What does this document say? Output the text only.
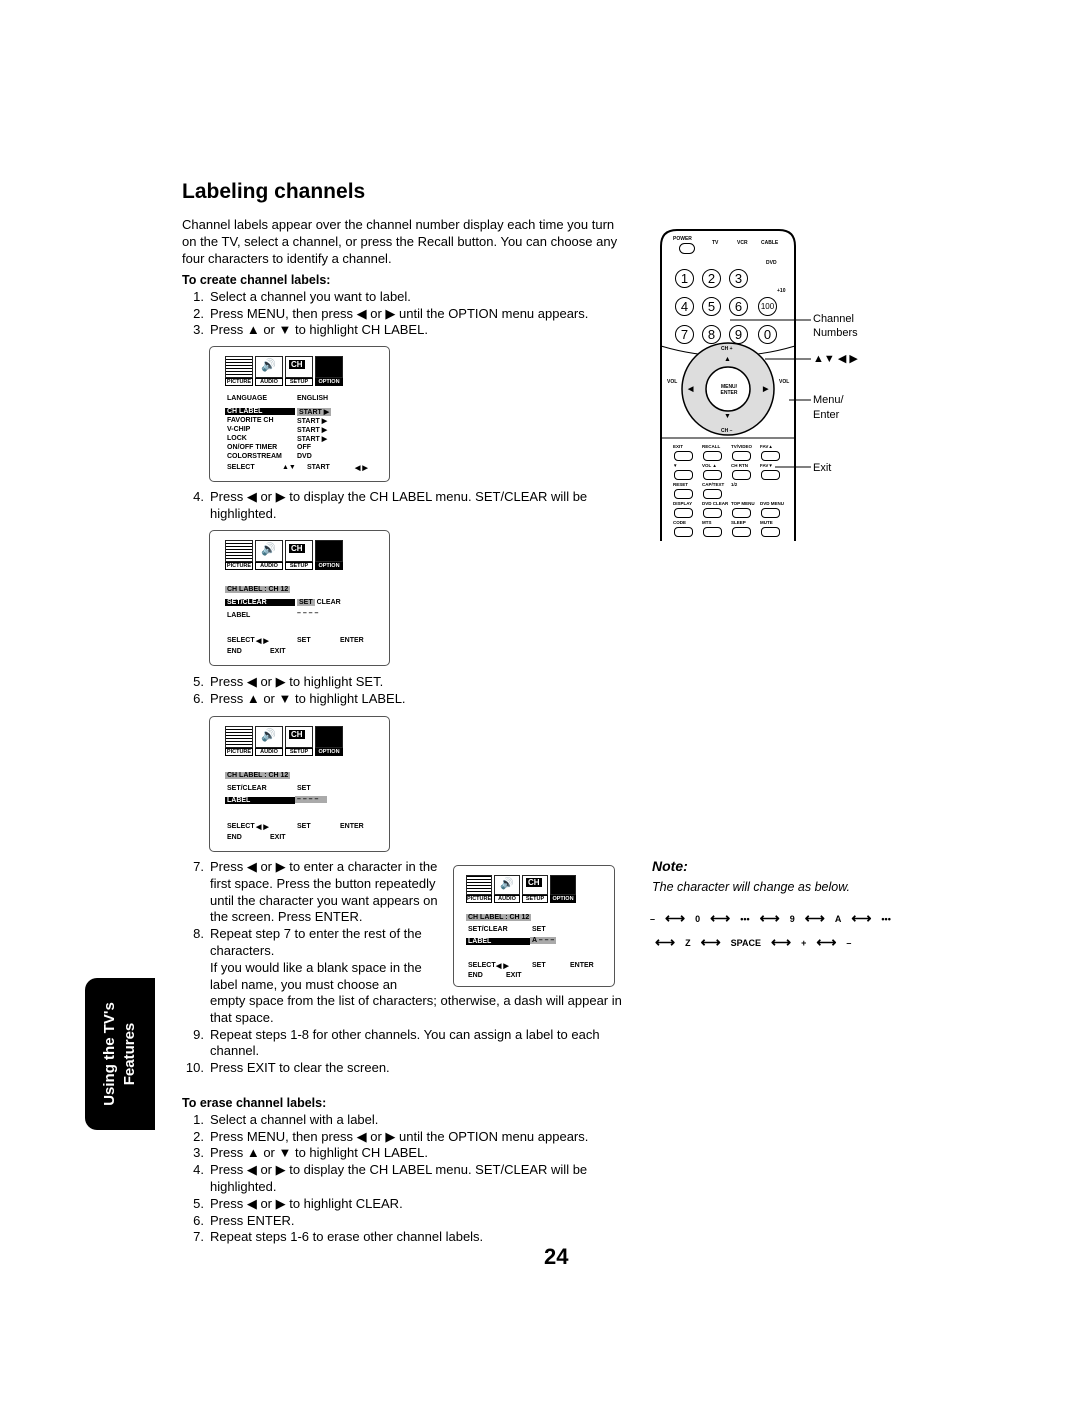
Labeling channels
Channel labels appear over the channel number display each time you turn on the TV, select a channel, or press the Recall button. You can choose any four characters to identify a channel.
To create channel labels:
1. Select a channel you want to label.
2. Press MENU, then press ◀ or ▶ until the OPTION menu appears.
3. Press ▲ or ▼ to highlight CH LABEL.
🔊 CH
PICTURE	AUDIO	SETUP	OPTION
LANGUAGE	ENGLISH
CH LABEL	START ▶
FAVORITE CH	START ▶
V-CHIP	START ▶
LOCK	START ▶
ON/OFF TIMER	OFF
COLORSTREAM DVD
SELECT	▲▼ START	◀ ▶
4. Press ◀ or ▶ to display the CH LABEL menu. SET/CLEAR will be highlighted.
🔊 CH
PICTURE	AUDIO	SETUP	OPTION
CH LABEL : CH 12
SET/CLEAR	SET CLEAR
LABEL	– – – –
SELECT ◀ ▶	SET	ENTER
END	EXIT
5. Press ◀ or ▶ to highlight SET.
6. Press ▲ or ▼ to highlight LABEL.
🔊 CH
PICTURE	AUDIO	SETUP	OPTION
CH LABEL : CH 12
SET/CLEAR	SET
LABEL	– – – –
SELECT ◀ ▶	SET	ENTER
END	EXIT
7. Press ◀ or ▶ to enter a character in the first space. Press the button repeatedly until the character you want appears on the screen. Press ENTER.
8. Repeat step 7 to enter the rest of the characters.
If you would like a blank space in the label name, you must choose an
🔊 CH
PICTURE	AUDIO	SETUP	OPTION
CH LABEL : CH 12
SET/CLEAR	SET
LABEL	A – – –
SELECT ◀ ▶	SET	ENTER
END	EXIT
empty space from the list of characters; otherwise, a dash will appear in that space.
9. Repeat steps 1-8 for other channels. You can assign a label to each channel.
10. Press EXIT to clear the screen.
To erase channel labels:
1. Select a channel with a label.
2. Press MENU, then press ◀ or ▶ until the OPTION menu appears.
3. Press ▲ or ▼ to highlight CH LABEL.
4. Press ◀ or ▶ to display the CH LABEL menu. SET/CLEAR will be highlighted.
5. Press ◀ or ▶ to highlight CLEAR.
6. Press ENTER.
7. Repeat steps 1-6 to erase other channel labels.
POWER
TV	VCR	CABLE
DVD
1	2	3
4	5	6	100
7	8	9	0
+10
CH +
CH –
VOL	VOL
MENU/ ENTER
▲
▼
◀	▶
EXIT	RECALL TV/VIDEO FAV▲
▼	VOL ▲	CH RTN	FAV▼
RESET	CAP/TEXT 1/2
DISPLAY DVD CLEAR TOP MENU DVD MENU
CODE	MTS	SLEEP	MUTE
Channel
Numbers
▲▼ ◀ ▶
Menu/
Enter
Exit
Note:
The character will change as below.
– ⟷ 0 ⟷ ••• ⟷ 9 ⟷ A ⟷ •••
⟷ Z ⟷ SPACE ⟷ + ⟷ –
Using the TV's Features
24
